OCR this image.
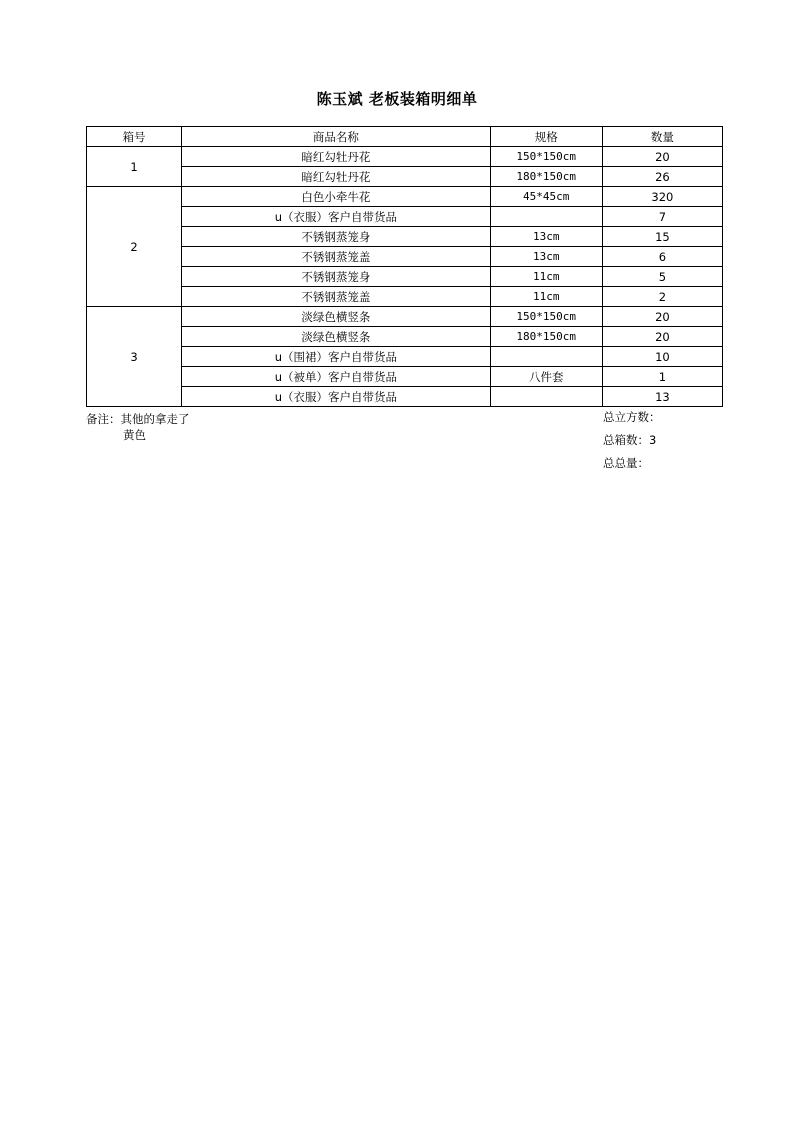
陈玉斌 老板装箱明细单
箱号	商品名称	规格	数量
1	暗红勾牡丹花	150*150cm	20
	暗红勾牡丹花	180*150cm	26
2	白色小牵牛花	45*45cm	320
	u（衣服）客户自带货品		7
	不锈钢蒸笼身	13cm	15
	不锈钢蒸笼盖	13cm	6
	不锈钢蒸笼身	11cm	5
	不锈钢蒸笼盖	11cm	2
3	淡绿色横竖条	150*150cm	20
	淡绿色横竖条	180*150cm	20
	u（围裙）客户自带货品		10
	u（被单）客户自带货品	八件套	1
	u（衣服）客户自带货品		13
备注：其他的拿走了
黄色
总立方数：
总箱数：3
总总量：
